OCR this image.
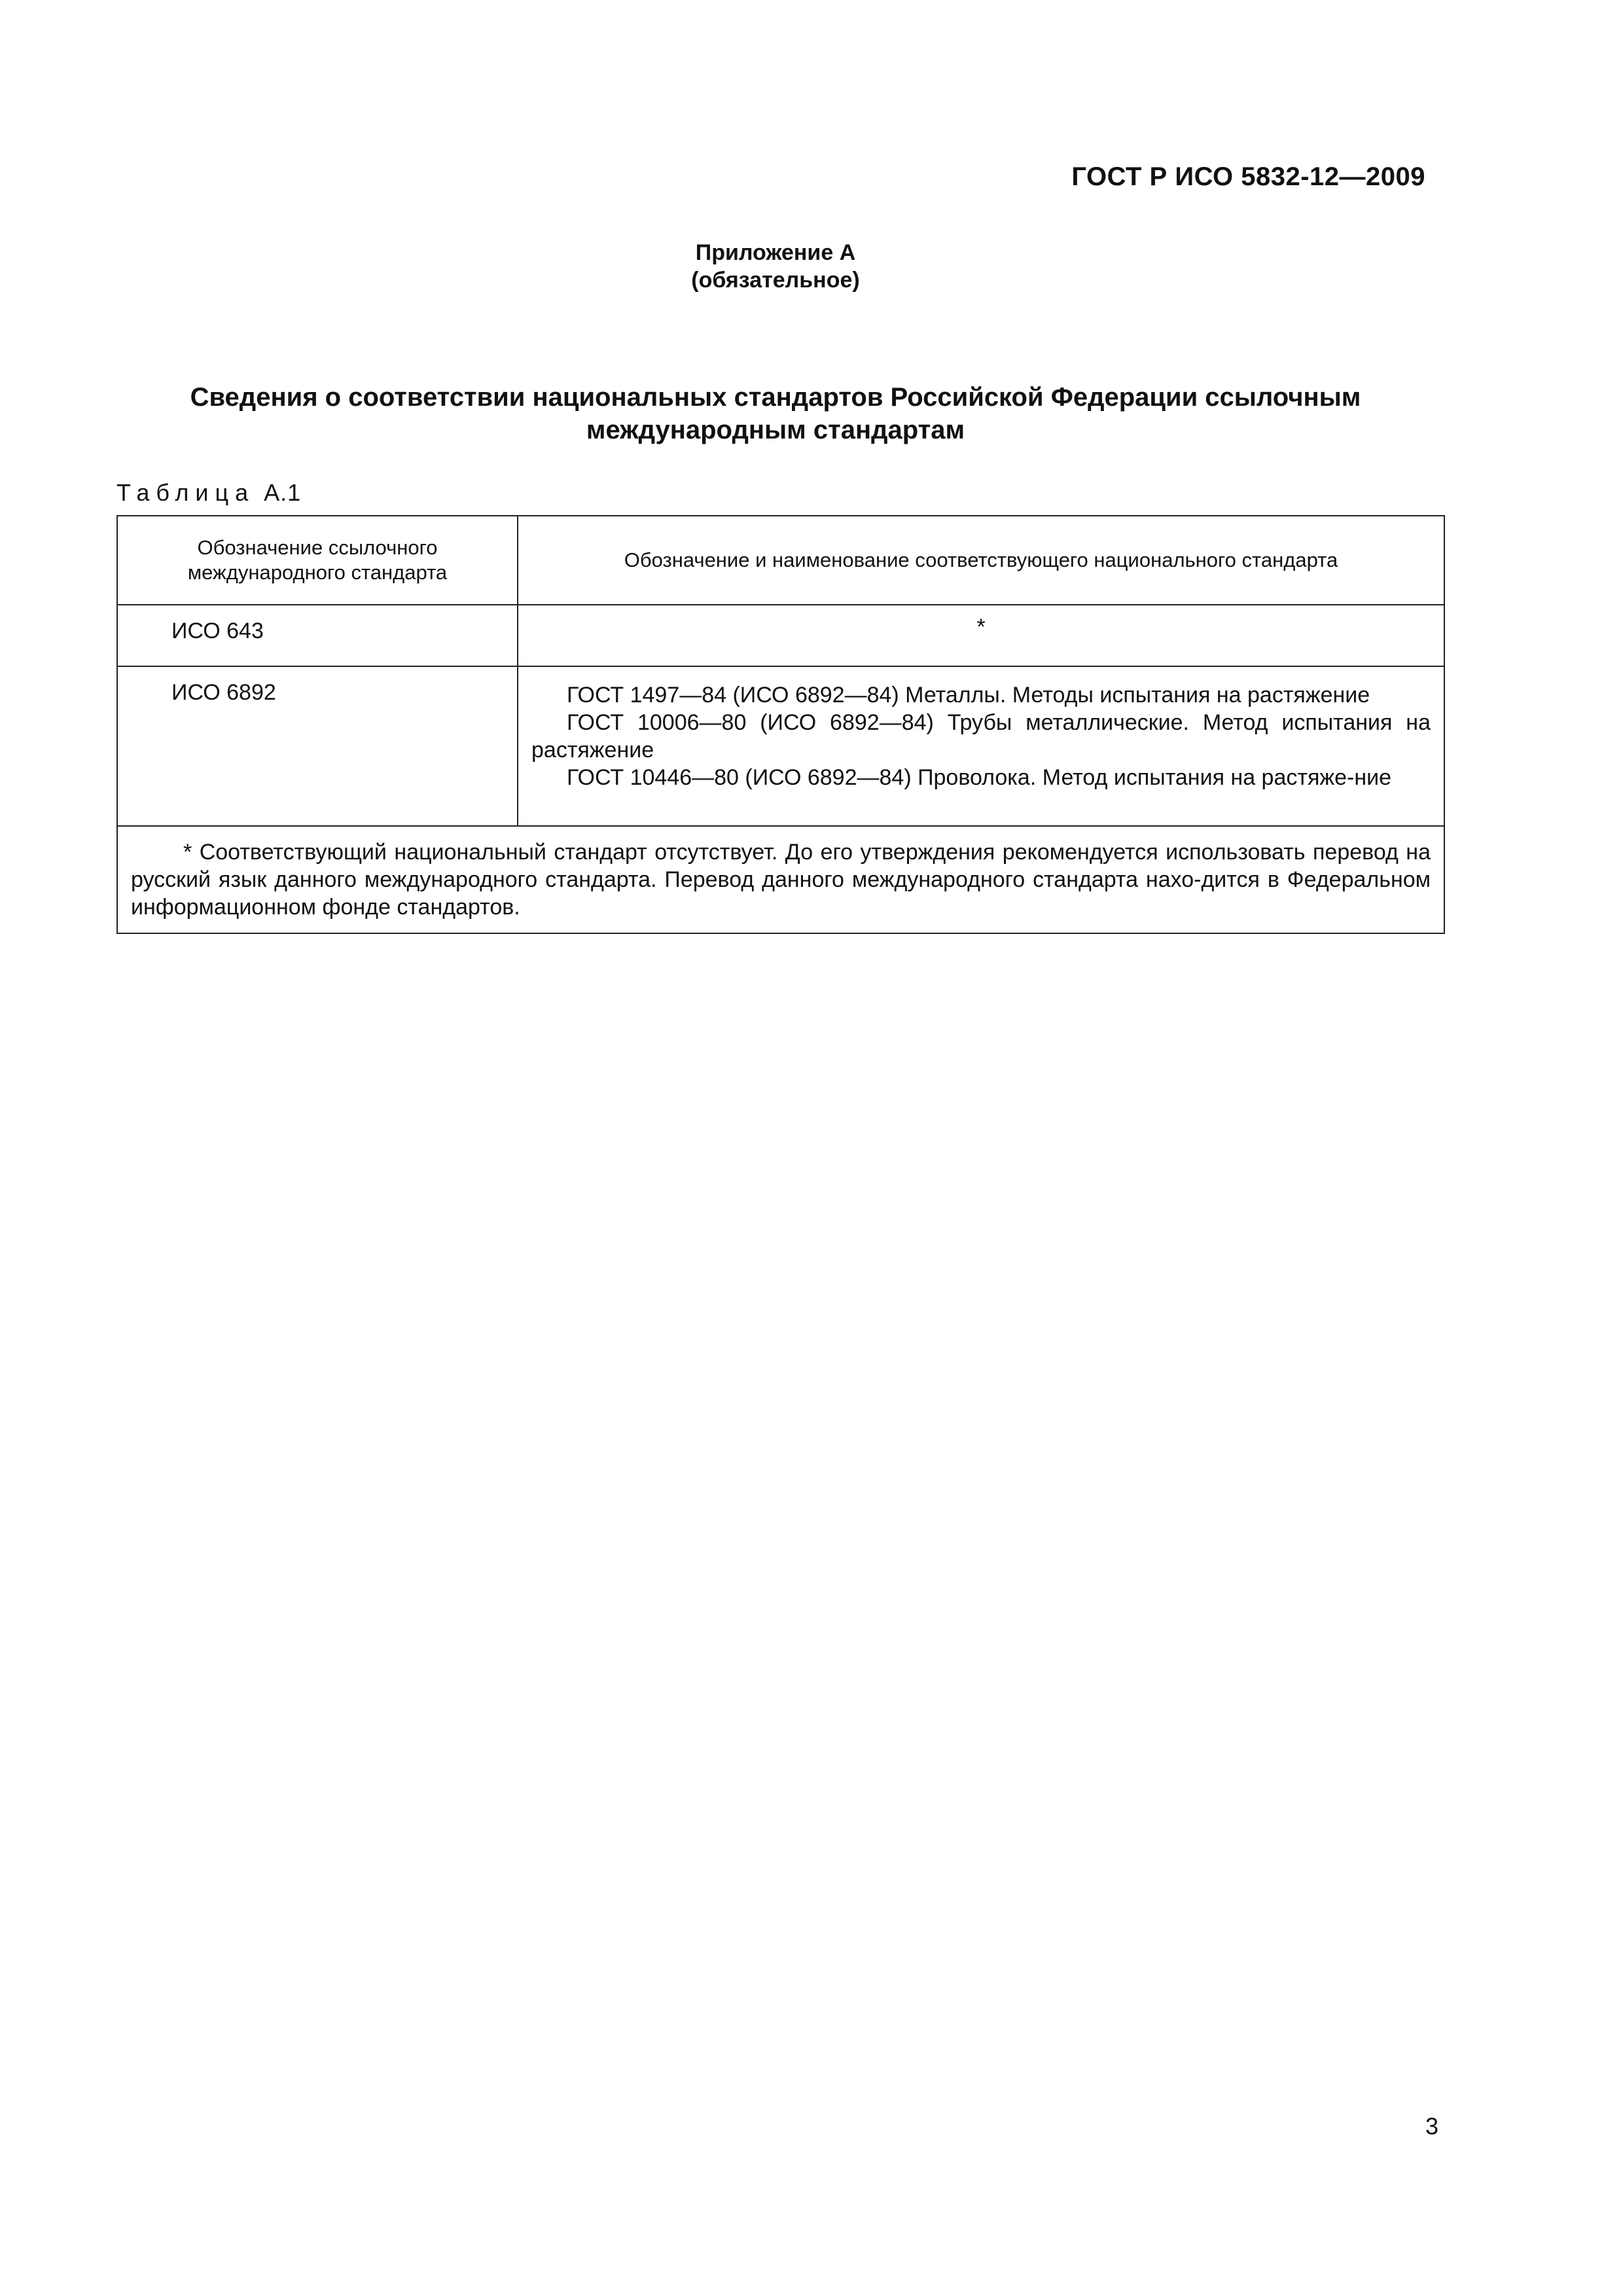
ГОСТ Р ИСО 5832-12—2009
Приложение А
(обязательное)
Сведения о соответствии национальных стандартов Российской Федерации ссылочным
международным стандартам
Таблица А.1
Обозначение ссылочного
международного стандарта	Обозначение и наименование соответствующего национального стандарта
ИСО 643	*
ИСО 6892	ГОСТ 1497—84 (ИСО 6892—84) Металлы. Методы испытания на растяжение

ГОСТ 10006—80 (ИСО 6892—84) Трубы металлические. Метод испытания на растяжение

ГОСТ 10446—80 (ИСО 6892—84) Проволока. Метод испытания на растяже-ние

* Соответствующий национальный стандарт отсутствует. До его утверждения рекомендуется использовать перевод на русский язык данного международного стандарта. Перевод данного международного стандарта нахо-дится в Федеральном информационном фонде стандартов.	
3
